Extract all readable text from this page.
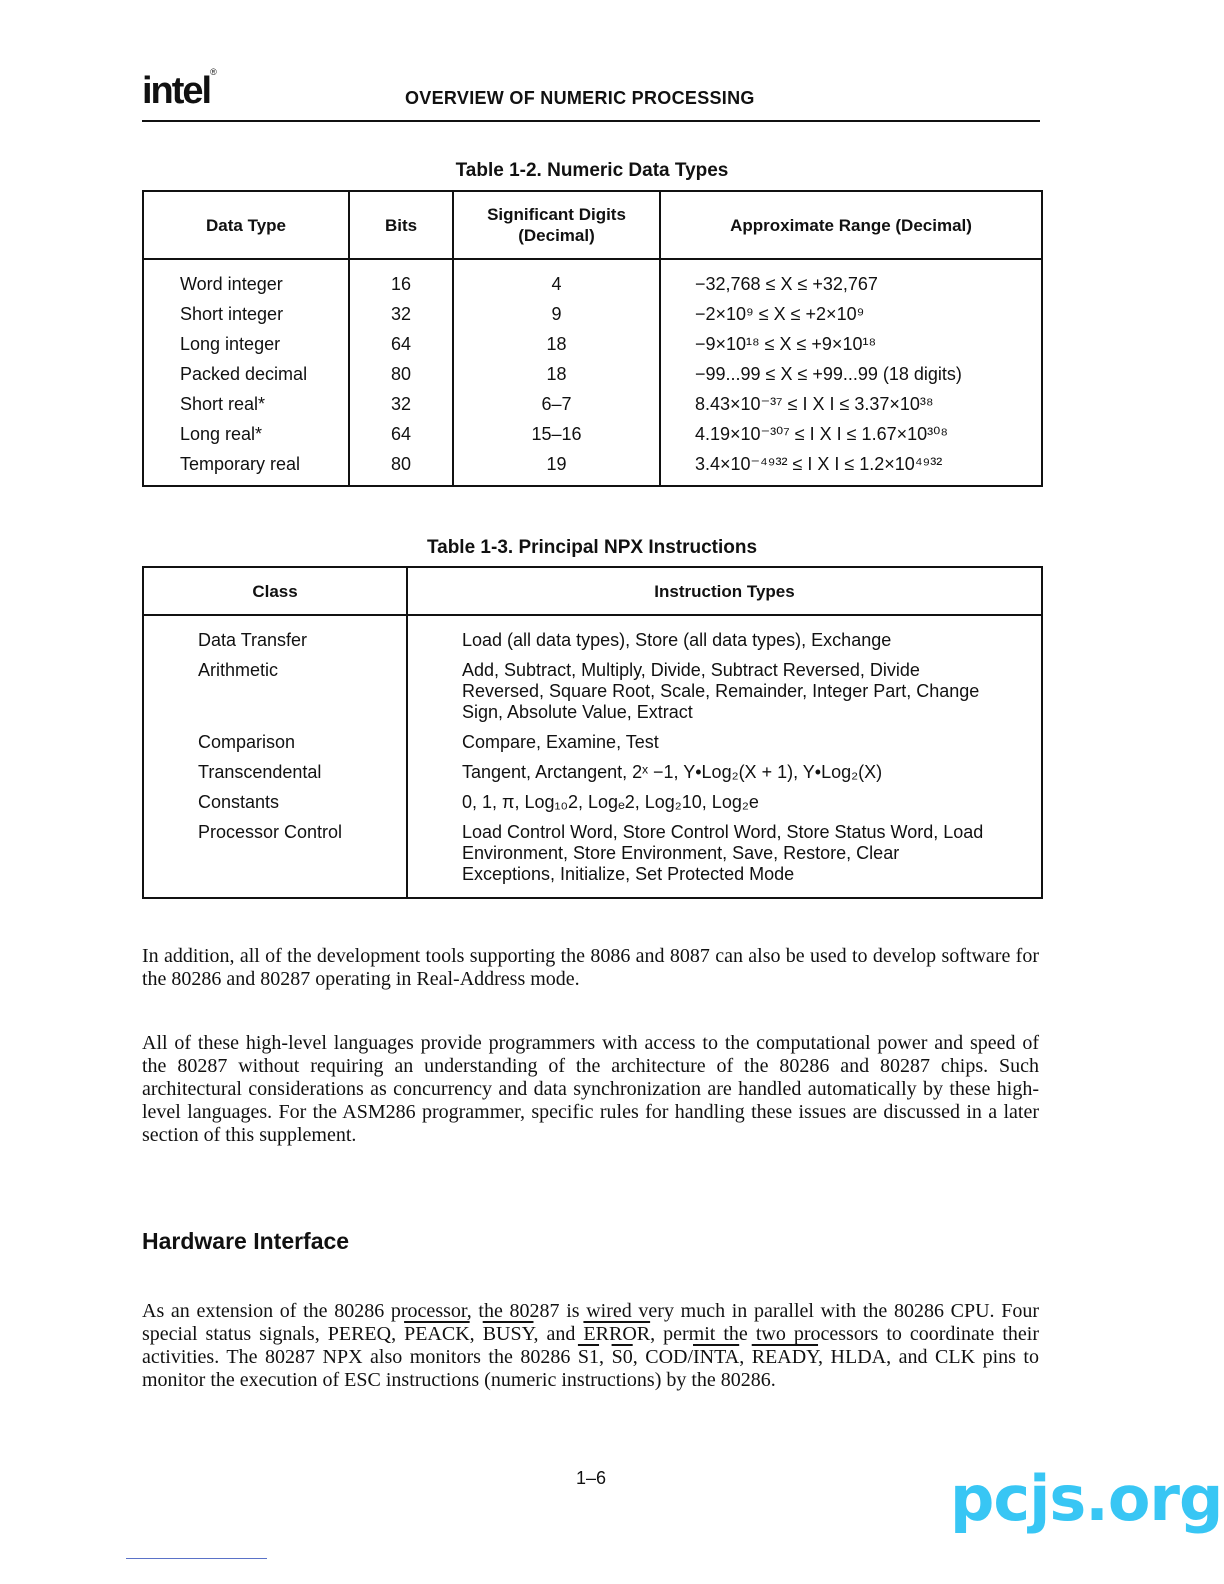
intel®
OVERVIEW OF NUMERIC PROCESSING
Table 1-2. Numeric Data Types
Data Type	Bits	Significant Digits (Decimal)	Approximate Range (Decimal)
Word integer	16	4	−32,768 ≤ X ≤ +32,767
Short integer	32	9	−2×10⁹ ≤ X ≤ +2×10⁹
Long integer	64	18	−9×10¹⁸ ≤ X ≤ +9×10¹⁸
Packed decimal	80	18	−99...99 ≤ X ≤ +99...99 (18 digits)
Short real*	32	6–7	8.43×10⁻³⁷ ≤ I X I ≤ 3.37×10³⁸
Long real*	64	15–16	4.19×10⁻³⁰⁷ ≤ I X I ≤ 1.67×10³⁰⁸
Temporary real	80	19	3.4×10⁻⁴⁹³² ≤ I X I ≤ 1.2×10⁴⁹³²
Table 1-3. Principal NPX Instructions
Class	Instruction Types
Data Transfer	Load (all data types), Store (all data types), Exchange
Arithmetic	Add, Subtract, Multiply, Divide, Subtract Reversed, Divide Reversed, Square Root, Scale, Remainder, Integer Part, Change Sign, Absolute Value, Extract
Comparison	Compare, Examine, Test
Transcendental	Tangent, Arctangent, 2ˣ −1, Y•Log₂(X + 1), Y•Log₂(X)
Constants	0, 1, π, Log₁₀2, Logₑ2, Log₂10, Log₂e
Processor Control	Load Control Word, Store Control Word, Store Status Word, Load Environment, Store Environment, Save, Restore, Clear Exceptions, Initialize, Set Protected Mode

In addition, all of the development tools supporting the 8086 and 8087 can also be used to develop software for the 80286 and 80287 operating in Real-Address mode.

All of these high-level languages provide programmers with access to the computational power and speed of the 80287 without requiring an understanding of the architecture of the 80286 and 80287 chips. Such architectural considerations as concurrency and data synchronization are handled automatically by these high-level languages. For the ASM286 programmer, specific rules for handling these issues are discussed in a later section of this supplement.

Hardware Interface

As an extension of the 80286 processor, the 80287 is wired very much in parallel with the 80286 CPU. Four special status signals, PEREQ, PEACK, BUSY, and ERROR, permit the two processors to coordinate their activities. The 80287 NPX also monitors the 80286 S1, S0, COD/INTA, READY, HLDA, and CLK pins to monitor the execution of ESC instructions (numeric instructions) by the 80286.

1–6	pcjs.org
